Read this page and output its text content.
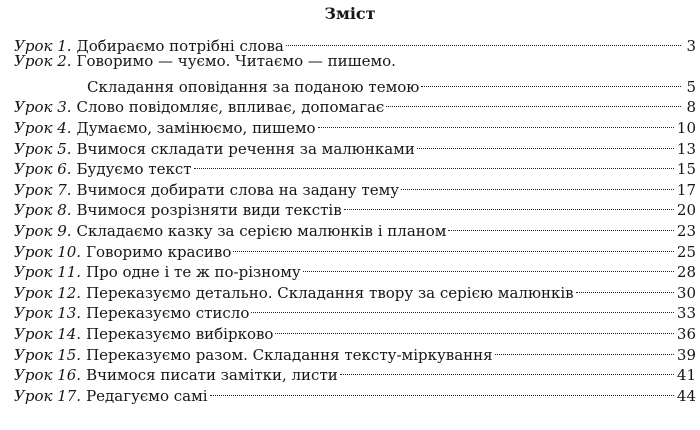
Зміст
Урок 1. Добираємо потрібні слова	3
Урок 2. Говоримо — чуємо. Читаємо — пишемо.
Складання оповідання за поданою темою	5
Урок 3. Слово повідомляє, впливає, допомагає	8
Урок 4. Думаємо, замінюємо, пишемо	10
Урок 5. Вчимося складати речення за малюнками	13
Урок 6. Будуємо текст	15
Урок 7. Вчимося добирати слова на задану тему	17
Урок 8. Вчимося розрізняти види текстів	20
Урок 9. Складаємо казку за серією малюнків і планом	23
Урок 10. Говоримо красиво	25
Урок 11. Про одне і те ж по-різному	28
Урок 12. Переказуємо детально. Складання твору за серією малюнків	30
Урок 13. Переказуємо стисло	33
Урок 14. Переказуємо вибірково	36
Урок 15. Переказуємо разом. Складання тексту-міркування	39
Урок 16. Вчимося писати замітки, листи	41
Урок 17. Редагуємо самі	44
